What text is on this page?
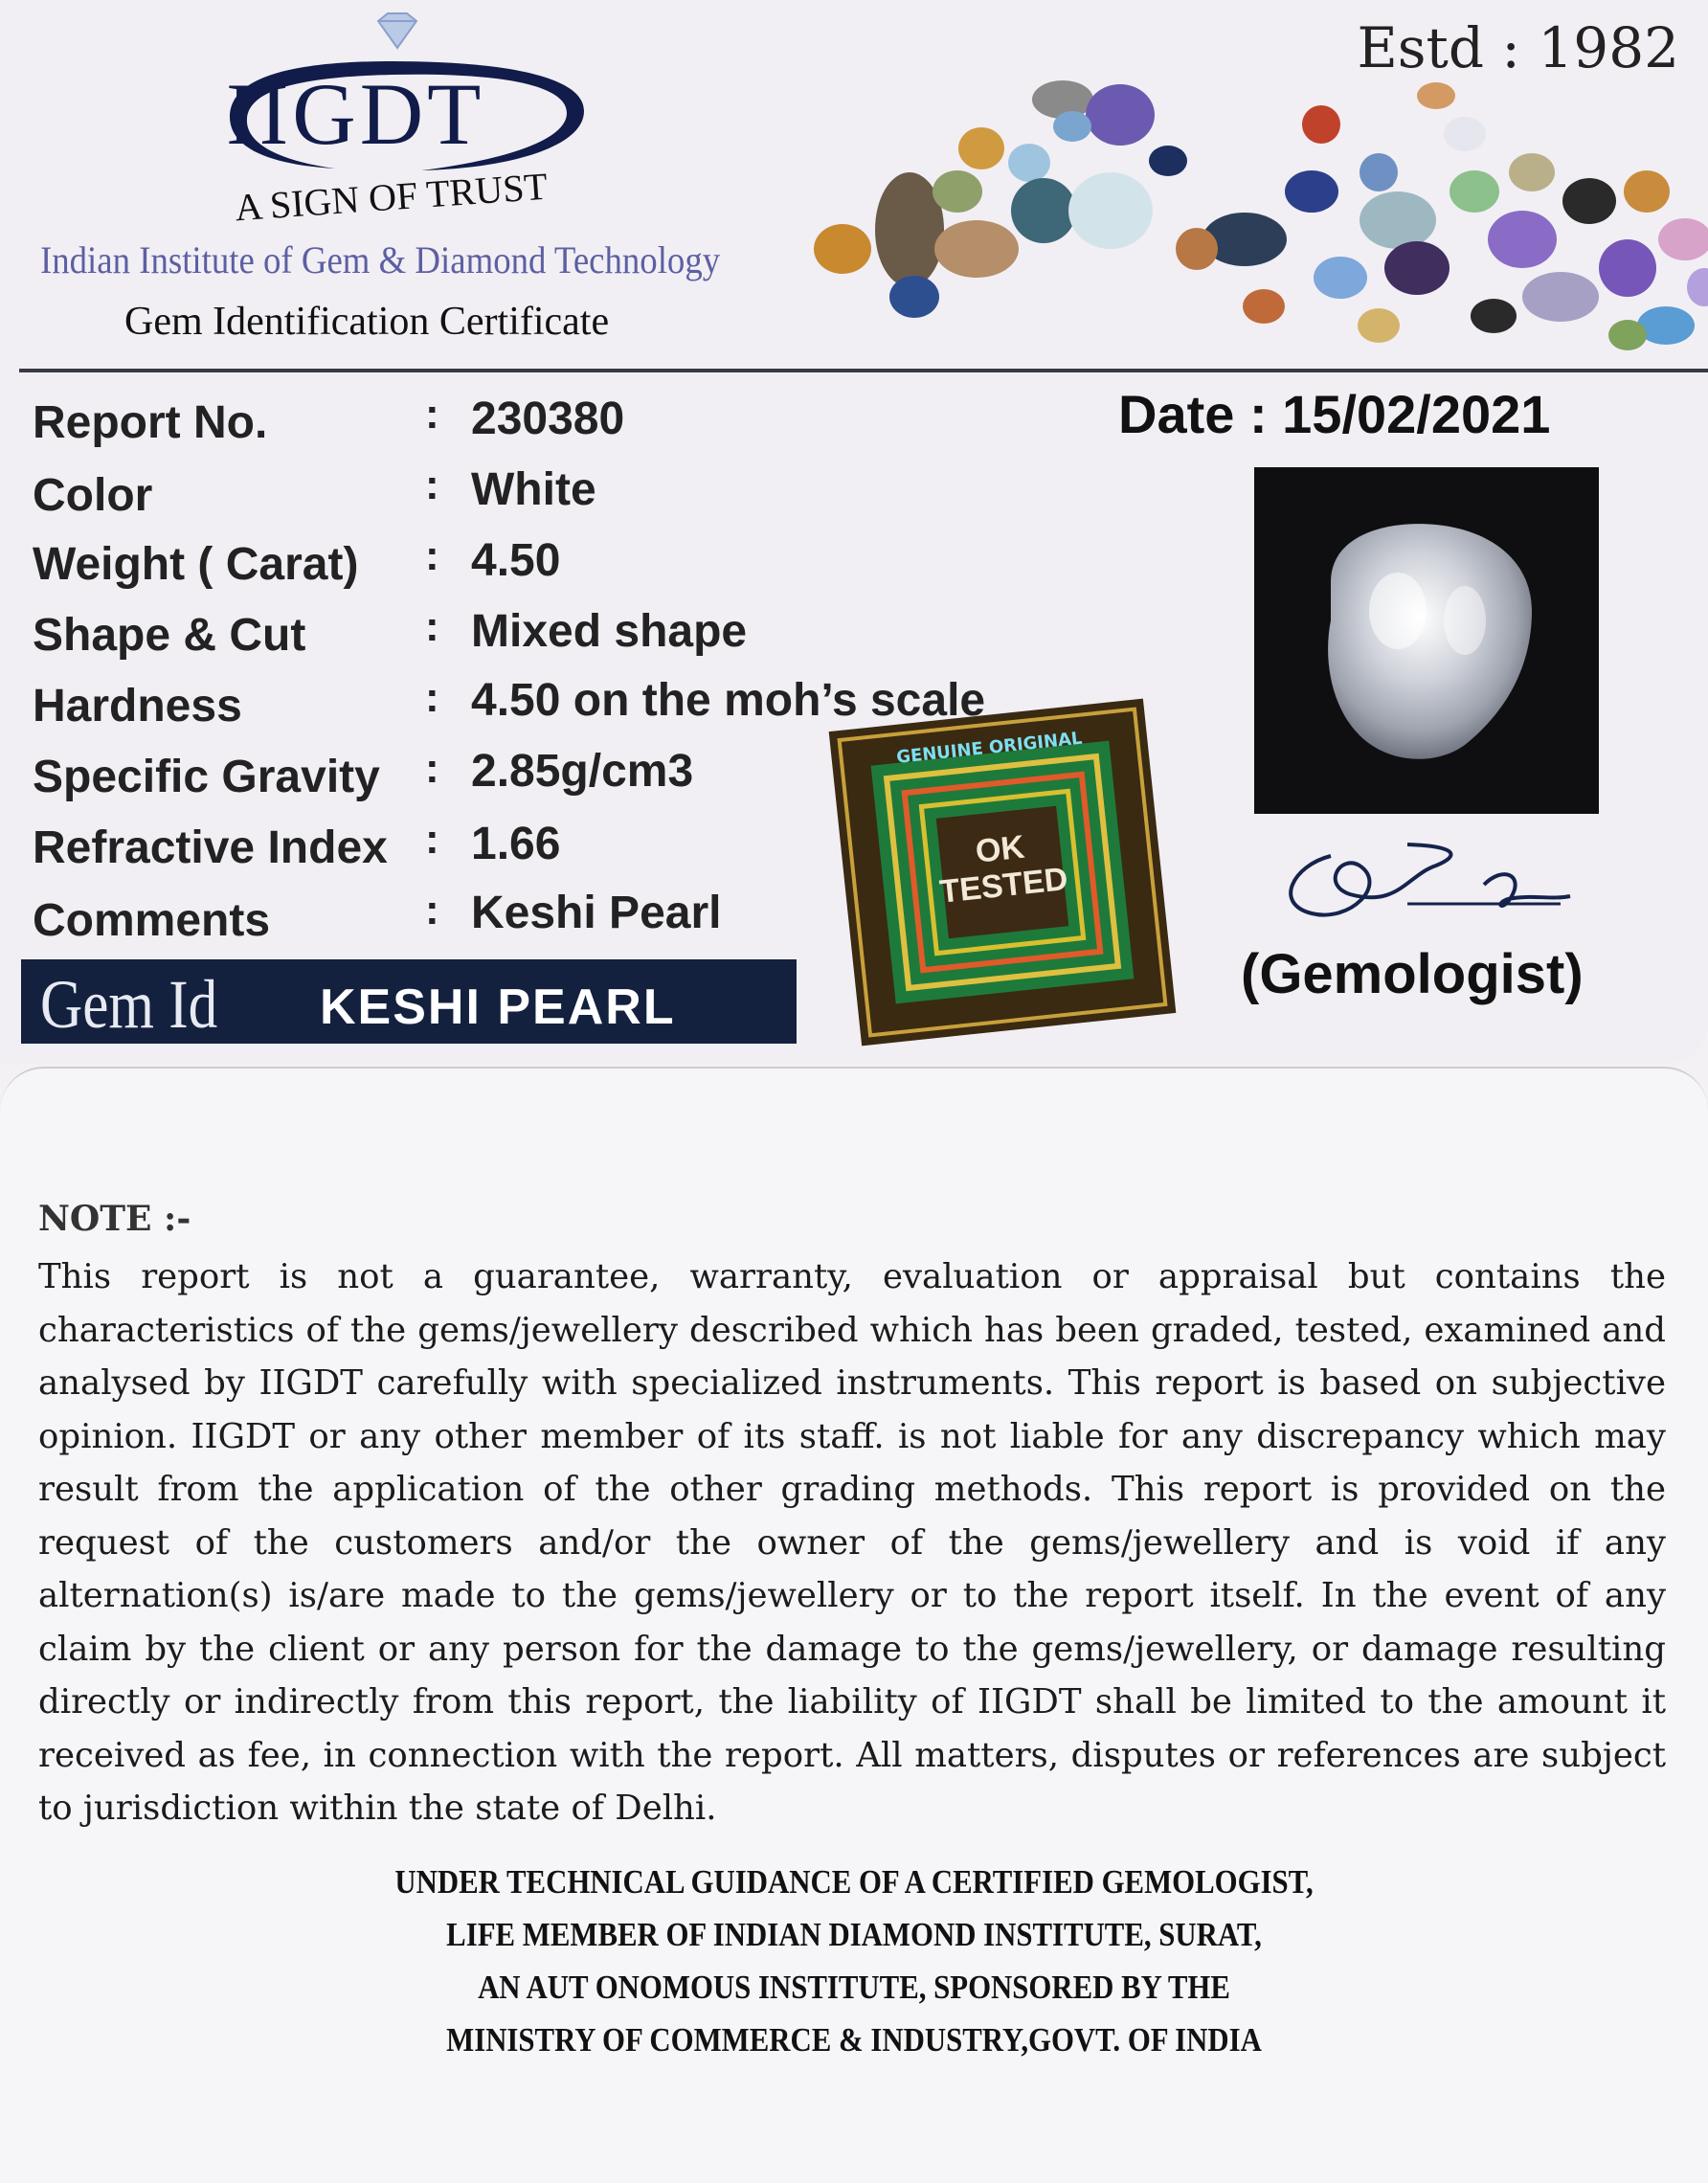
Estd : 1982
IIGDT
A SIGN OF TRUST
Indian Institute of Gem & Diamond Technology
Gem Identification Certificate
Report No.	: 230380
Color	: White
Weight ( Carat) : 4.50
Shape & Cut	: Mixed shape
Hardness	: 4.50 on the moh’s scale
Specific Gravity : 2.85g/cm3
Refractive Index : 1.66
Comments	: Keshi Pearl
Date : 15/02/2021
GENUINE ORIGINAL
OK
TESTED
(Gemologist)
Gem Id KESHI PEARL
NOTE :-
This report is not a guarantee, warranty, evaluation or appraisal but contains the characteristics of the gems/jewellery described which has been graded, tested, examined and analysed by IIGDT carefully with specialized instruments. This report is based on subjective opinion. IIGDT or any other member of its staff. is not liable for any discrepancy which may result from the application of the other grading methods. This report is provided on the request of the customers and/or the owner of the gems/jewellery and is void if any alternation(s) is/are made to the gems/jewellery or to the report itself. In the event of any claim by the client or any person for the damage to the gems/jewellery, or damage resulting directly or indirectly from this report, the liability of IIGDT shall be limited to the amount it received as fee, in connection with the report. All matters, disputes or references are subject to jurisdiction within the state of Delhi.
UNDER TECHNICAL GUIDANCE OF A CERTIFIED GEMOLOGIST,
LIFE MEMBER OF INDIAN DIAMOND INSTITUTE, SURAT,
AN AUT ONOMOUS INSTITUTE, SPONSORED BY THE
MINISTRY OF COMMERCE & INDUSTRY,GOVT. OF INDIA
